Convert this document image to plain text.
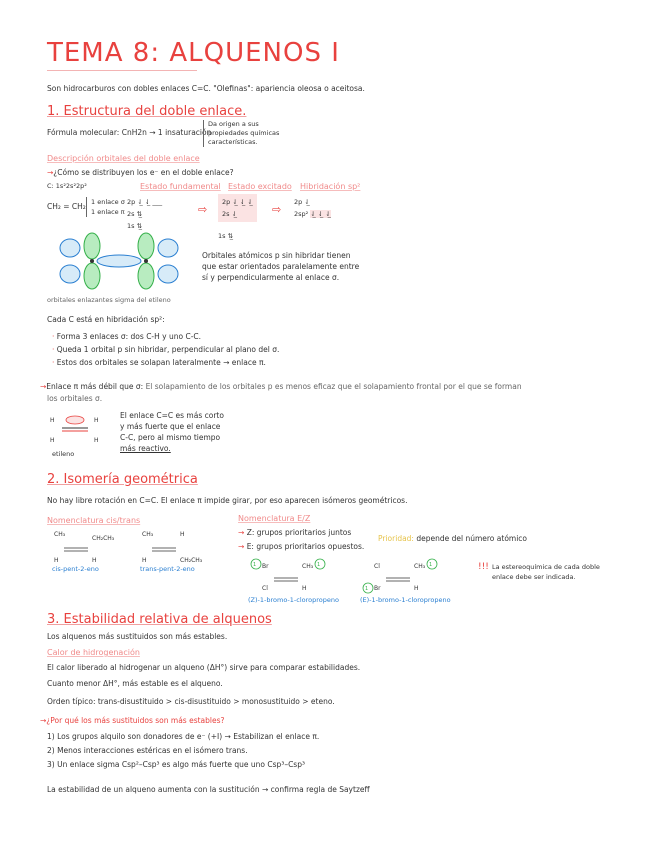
TEMA 8: ALQUENOS I
Son hidrocarburos con dobles enlaces C=C. "Olefinas": apariencia oleosa o aceitosa.
1. Estructura del doble enlace.
Fórmula molecular: CnH2n → 1 insaturación
Da origen a sus
propiedades químicas
características.
Descripción orbitales del doble enlace
→¿Cómo se distribuyen los e⁻ en el doble enlace?
C: 1s²2s²2p²
CH₂ = CH₂ 1 enlace σ
1 enlace π
Estado fundamental Estado excitado Hibridación sp²
2p ⇃̲ ⇃̲ ___
2s ⇅̲
1s ⇅̲
⇨
2p ⇃̲ ⇃̲ ⇃̲
2s ⇃̲	⇨
2p ⇃̲
2sp² ⇃̲ ⇃̲ ⇃̲
1s ⇅̲
orbitales enlazantes sigma del etileno
Orbitales atómicos p sin hibridar tienen
que estar orientados paralelamente entre
sí y perpendicularmente al enlace σ.
Cada C está en hibridación sp²:
· Forma 3 enlaces σ: dos C-H y uno C-C.
· Queda 1 orbital p sin hibridar, perpendicular al plano del σ.
· Estos dos orbitales se solapan lateralmente → enlace π.
→Enlace π más débil que σ: El solapamiento de los orbitales p es menos eficaz que el solapamiento frontal por el que se forman
los orbitales σ.
H
H
H
H
etileno
El enlace C=C es más corto
y más fuerte que el enlace
C-C, pero al mismo tiempo
más reactivo.
2. Isomería geométrica
No hay libre rotación en C=C. El enlace π impide girar, por eso aparecen isómeros geométricos.
Nomenclatura cis/trans
CH₃
CH₂CH₃
H	H
cis-pent-2-eno
CH₃
CH₂CH₃
H
H
trans-pent-2-eno
Nomenclatura E/Z
→ Z: grupos prioritarios juntos
→ E: grupos prioritarios opuestos.
Prioridad: depende del número atómico
1 Br
Cl
CH₃
H
1
(Z)-1-bromo-1-cloropropeno
Cl
Br
1
CH₃
H
1
(E)-1-bromo-1-cloropropeno
!!! La estereoquímica de cada doble
enlace debe ser indicada.
3. Estabilidad relativa de alquenos
Los alquenos más sustituidos son más estables.
Calor de hidrogenación
El calor liberado al hidrogenar un alqueno (ΔH°) sirve para comparar estabilidades.
Cuanto menor ΔH°, más estable es el alqueno.
Orden típico: trans-disustituido > cis-disustituido > monosustituido > eteno.
→¿Por qué los más sustituidos son más estables?
1) Los grupos alquilo son donadores de e⁻ (+I) → Estabilizan el enlace π.
2) Menos interacciones estéricas en el isómero trans.
3) Un enlace sigma Csp²–Csp³ es algo más fuerte que uno Csp³–Csp³
La estabilidad de un alqueno aumenta con la sustitución → confirma regla de Saytzeff
